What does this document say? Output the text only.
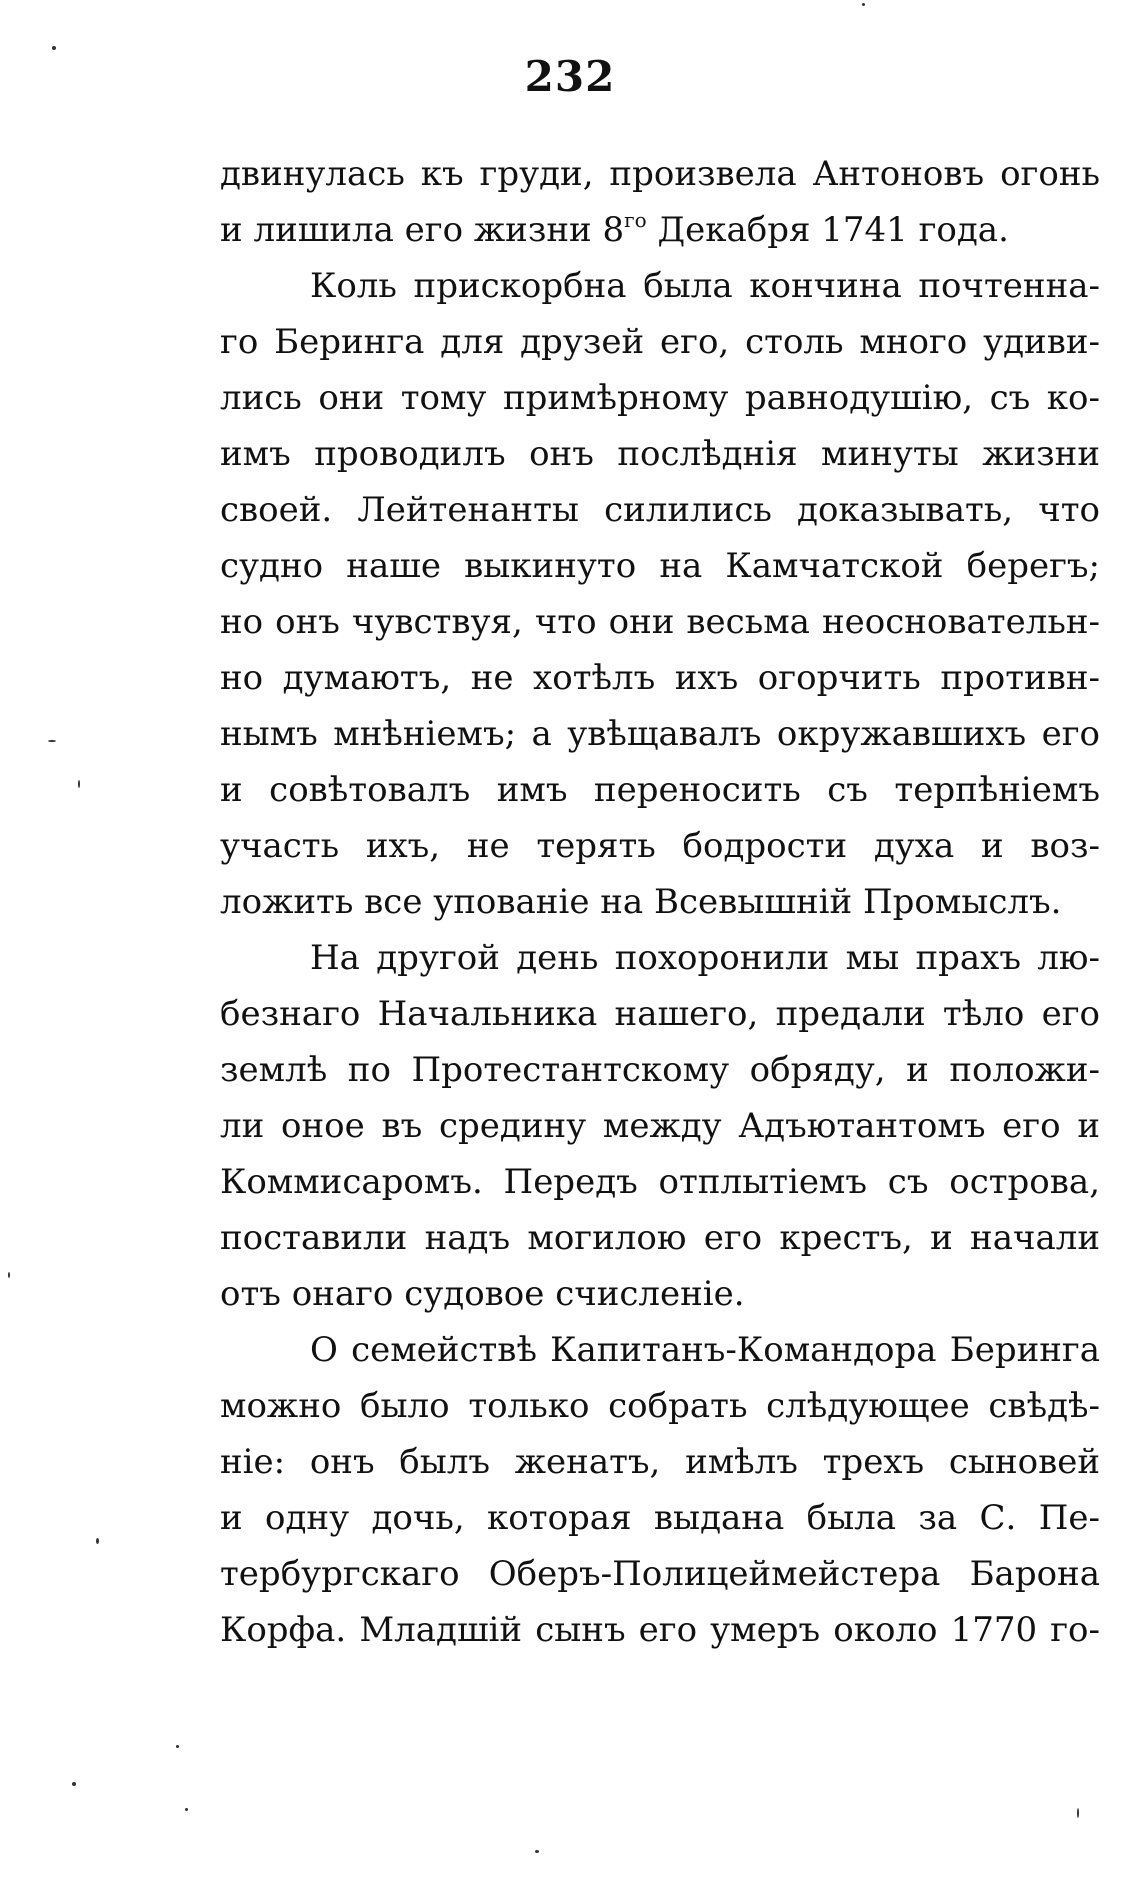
232
двинулась къ груди, произвела Антоновъ огонь
и лишила его жизни $8^{го}$ Декабря 1741 года.
Коль прискорбна была кончина почтенна-
го Беринга для друзей его, столь много удиви-
лись они тому примѣрному равнодушію, съ ко-
имъ проводилъ онъ послѣднія минуты жизни
своей. Лейтенанты силились доказывать, что
судно наше выкинуто на Камчатской берегъ;
но онъ чувствуя, что они весьма неосновательн-
но думаютъ, не хотѣлъ ихъ огорчить противн-
нымъ мнѣніемъ; а увѣщавалъ окружавшихъ его
и совѣтовалъ имъ переносить съ терпѣніемъ
участь ихъ, не терять бодрости духа и воз-
ложить все упованіе на Всевышній Промыслъ.
На другой день похоронили мы прахъ лю-
безнаго Начальника нашего, предали тѣло его
землѣ по Протестантскому обряду, и положи-
ли оное въ средину между Адъютантомъ его и
Коммисаромъ. Передъ отплытіемъ съ острова,
поставили надъ могилою его крестъ, и начали
отъ онаго судовое счисленіе.
О семействѣ Капитанъ-Командора Беринга
можно было только собрать слѣдующее свѣдѣ-
ніе: онъ былъ женатъ, имѣлъ трехъ сыновей
и одну дочь, которая выдана была за С. Пе-
тербургскаго Оберъ-Полицеймейстера Барона
Корфа. Младшій сынъ его умеръ около 1770 го-
